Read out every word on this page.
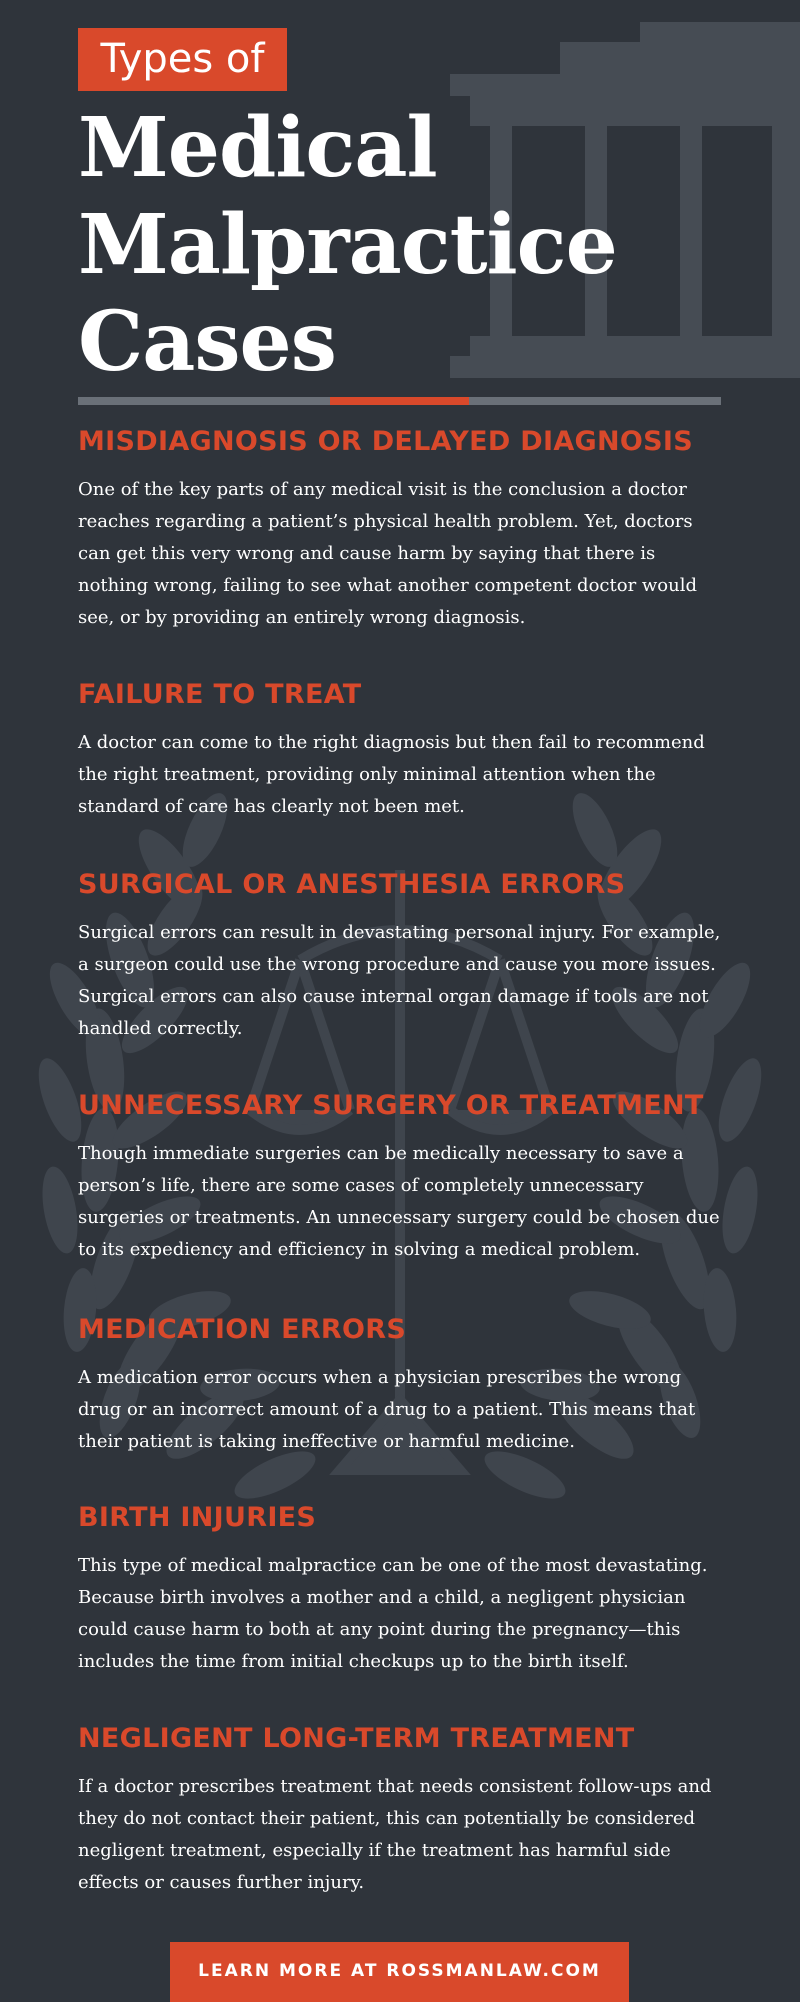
Types of
Medical
Malpractice
Cases
MISDIAGNOSIS OR DELAYED DIAGNOSIS

One of the key parts of any medical visit is the conclusion a doctor reaches regarding a patient’s physical health problem. Yet, doctors can get this very wrong and cause harm by saying that there is nothing wrong, failing to see what another competent doctor would see, or by providing an entirely wrong diagnosis.

FAILURE TO TREAT

A doctor can come to the right diagnosis but then fail to recommend the right treatment, providing only minimal attention when the standard of care has clearly not been met.

SURGICAL OR ANESTHESIA ERRORS

Surgical errors can result in devastating personal injury. For example, a surgeon could use the wrong procedure and cause you more issues. Surgical errors can also cause internal organ damage if tools are not handled correctly.

UNNECESSARY SURGERY OR TREATMENT

Though immediate surgeries can be medically necessary to save a person’s life, there are some cases of completely unnecessary surgeries or treatments. An unnecessary surgery could be chosen due to its expediency and efficiency in solving a medical problem.

MEDICATION ERRORS

A medication error occurs when a physician prescribes the wrong drug or an incorrect amount of a drug to a patient. This means that their patient is taking ineffective or harmful medicine.

BIRTH INJURIES

This type of medical malpractice can be one of the most devastating. Because birth involves a mother and a child, a negligent physician could cause harm to both at any point during the pregnancy—this includes the time from initial checkups up to the birth itself.

NEGLIGENT LONG-TERM TREATMENT

If a doctor prescribes treatment that needs consistent follow-ups and they do not contact their patient, this can potentially be considered negligent treatment, especially if the treatment has harmful side effects or causes further injury.

LEARN MORE AT ROSSMANLAW.COM
